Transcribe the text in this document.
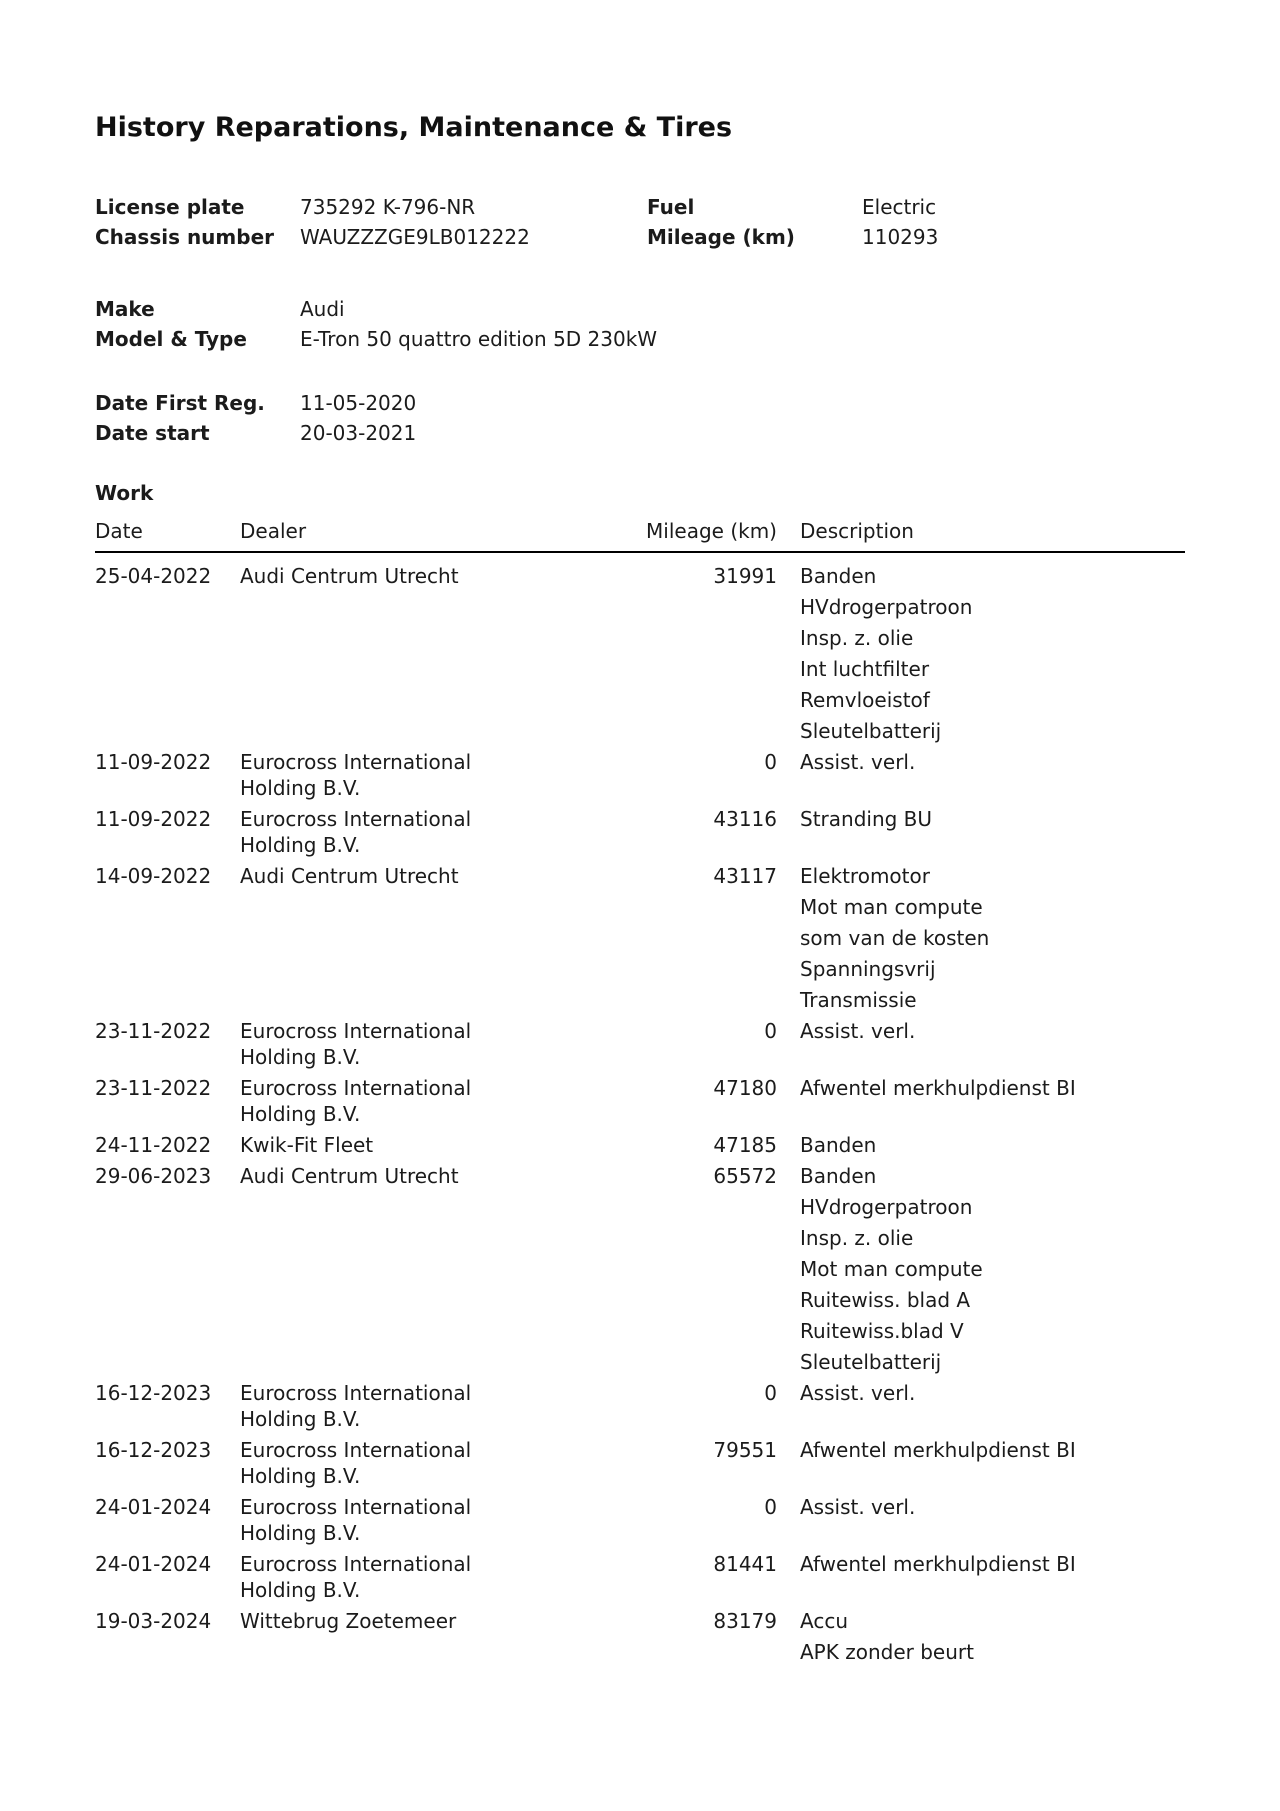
History Reparations, Maintenance & Tires
License plate	735292 K-796-NR	Fuel	Electric
Chassis number	WAUZZZGE9LB012222	Mileage (km)	110293
Make	Audi
Model & Type	E-Tron 50 quattro edition 5D 230kW
Date First Reg.	11-05-2020
Date start	20-03-2021
Work
Date	Dealer	Mileage (km)	Description
25-04-2022	Audi Centrum Utrecht	31991	Banden
HVdrogerpatroon
Insp. z. olie
Int luchtfilter
Remvloeistof
Sleutelbatterij

11-09-2022	Eurocross International Holding B.V.	0	Assist. verl.

11-09-2022	Eurocross International Holding B.V.	43116	Stranding BU

14-09-2022	Audi Centrum Utrecht	43117	Elektromotor
Mot man compute
som van de kosten
Spanningsvrij
Transmissie

23-11-2022	Eurocross International Holding B.V.	0	Assist. verl.

23-11-2022	Eurocross International Holding B.V.	47180	Afwentel merkhulpdienst BI

24-11-2022	Kwik-Fit Fleet	47185	Banden

29-06-2023	Audi Centrum Utrecht	65572	Banden
HVdrogerpatroon
Insp. z. olie
Mot man compute
Ruitewiss. blad A
Ruitewiss.blad V
Sleutelbatterij

16-12-2023	Eurocross International Holding B.V.	0	Assist. verl.

16-12-2023	Eurocross International Holding B.V.	79551	Afwentel merkhulpdienst BI

24-01-2024	Eurocross International Holding B.V.	0	Assist. verl.

24-01-2024	Eurocross International Holding B.V.	81441	Afwentel merkhulpdienst BI

19-03-2024	Wittebrug Zoetemeer	83179	Accu
APK zonder beurt
